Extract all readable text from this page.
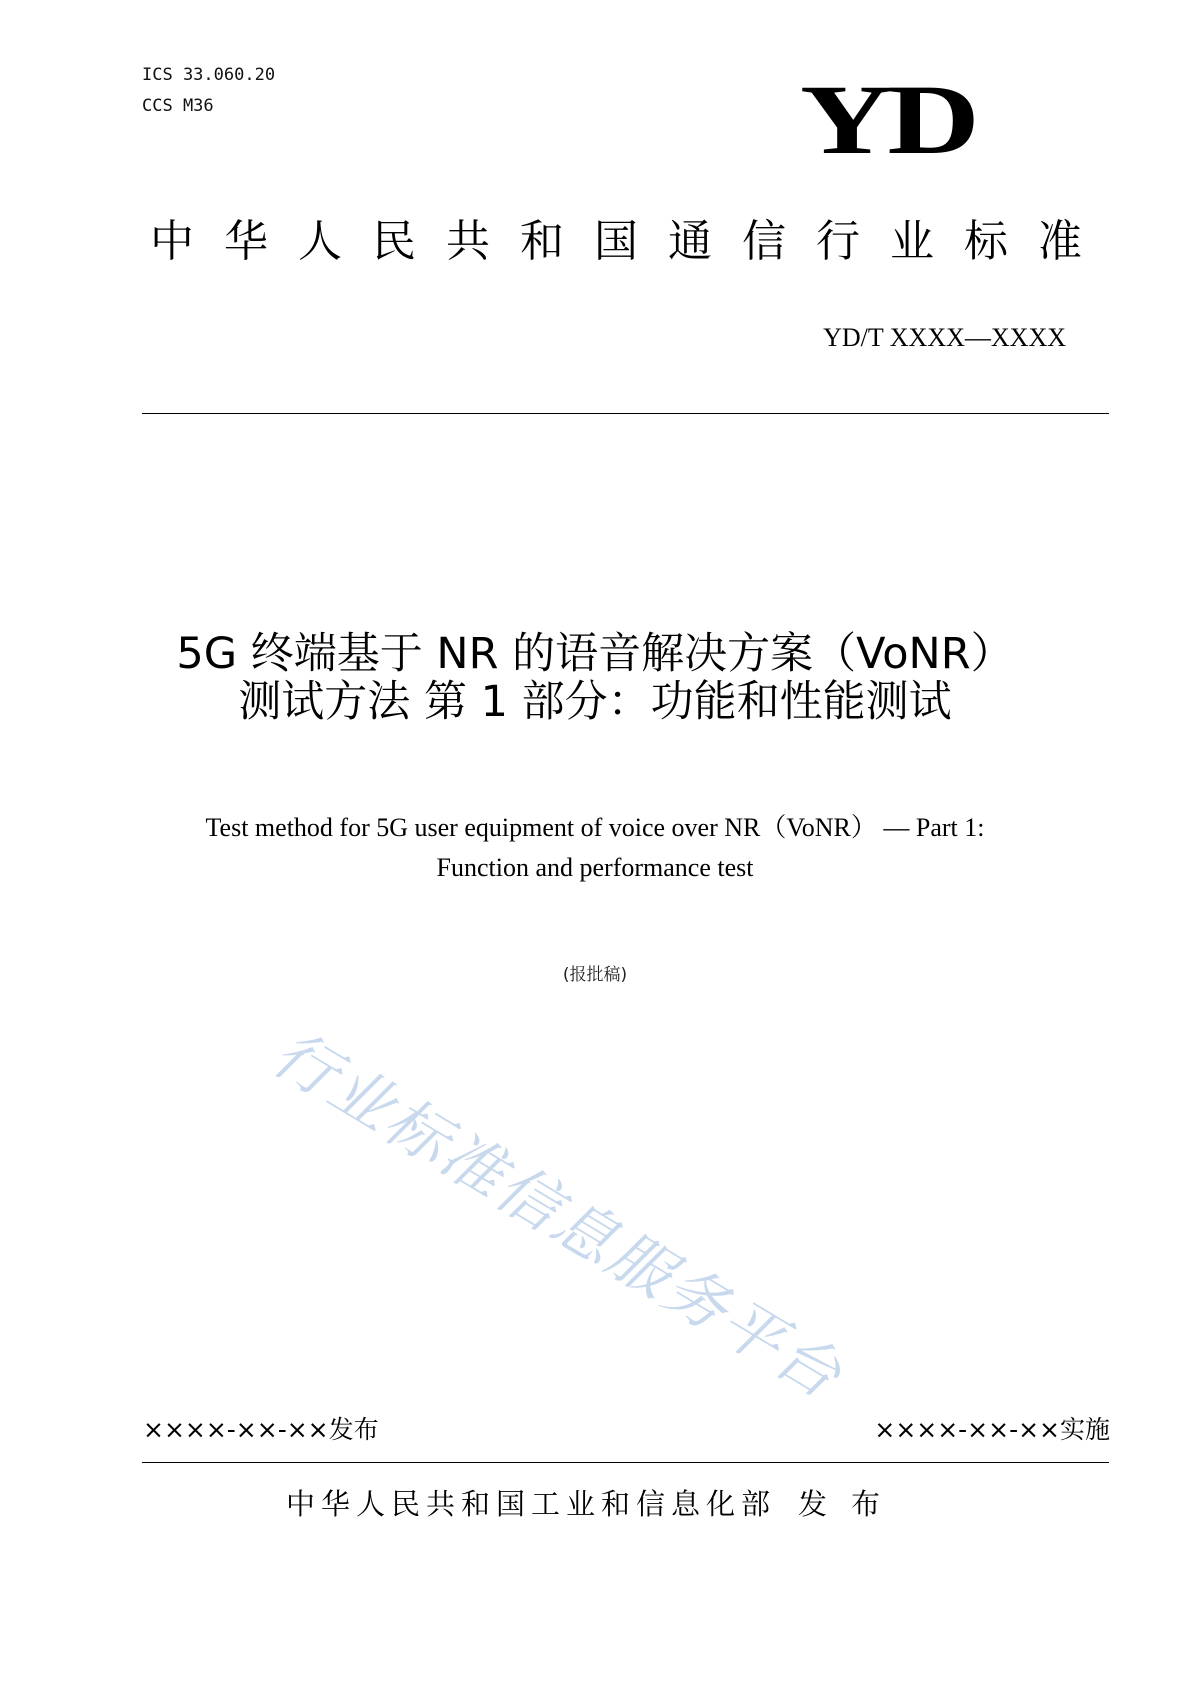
ICS 33.060.20
CCS M36	YD
中华人民共和国通信行业标准
YD/T XXXX—XXXX
5G 终端基于 NR 的语音解决方案（VoNR）
测试方法 第 1 部分：功能和性能测试
Test method for 5G user equipment of voice over NR（VoNR） — Part 1:
Function and performance test
(报批稿)
行业标准信息服务平台
××××-××-××发布	××××-××-××实施
中华人民共和国工业和信息化部 发布
